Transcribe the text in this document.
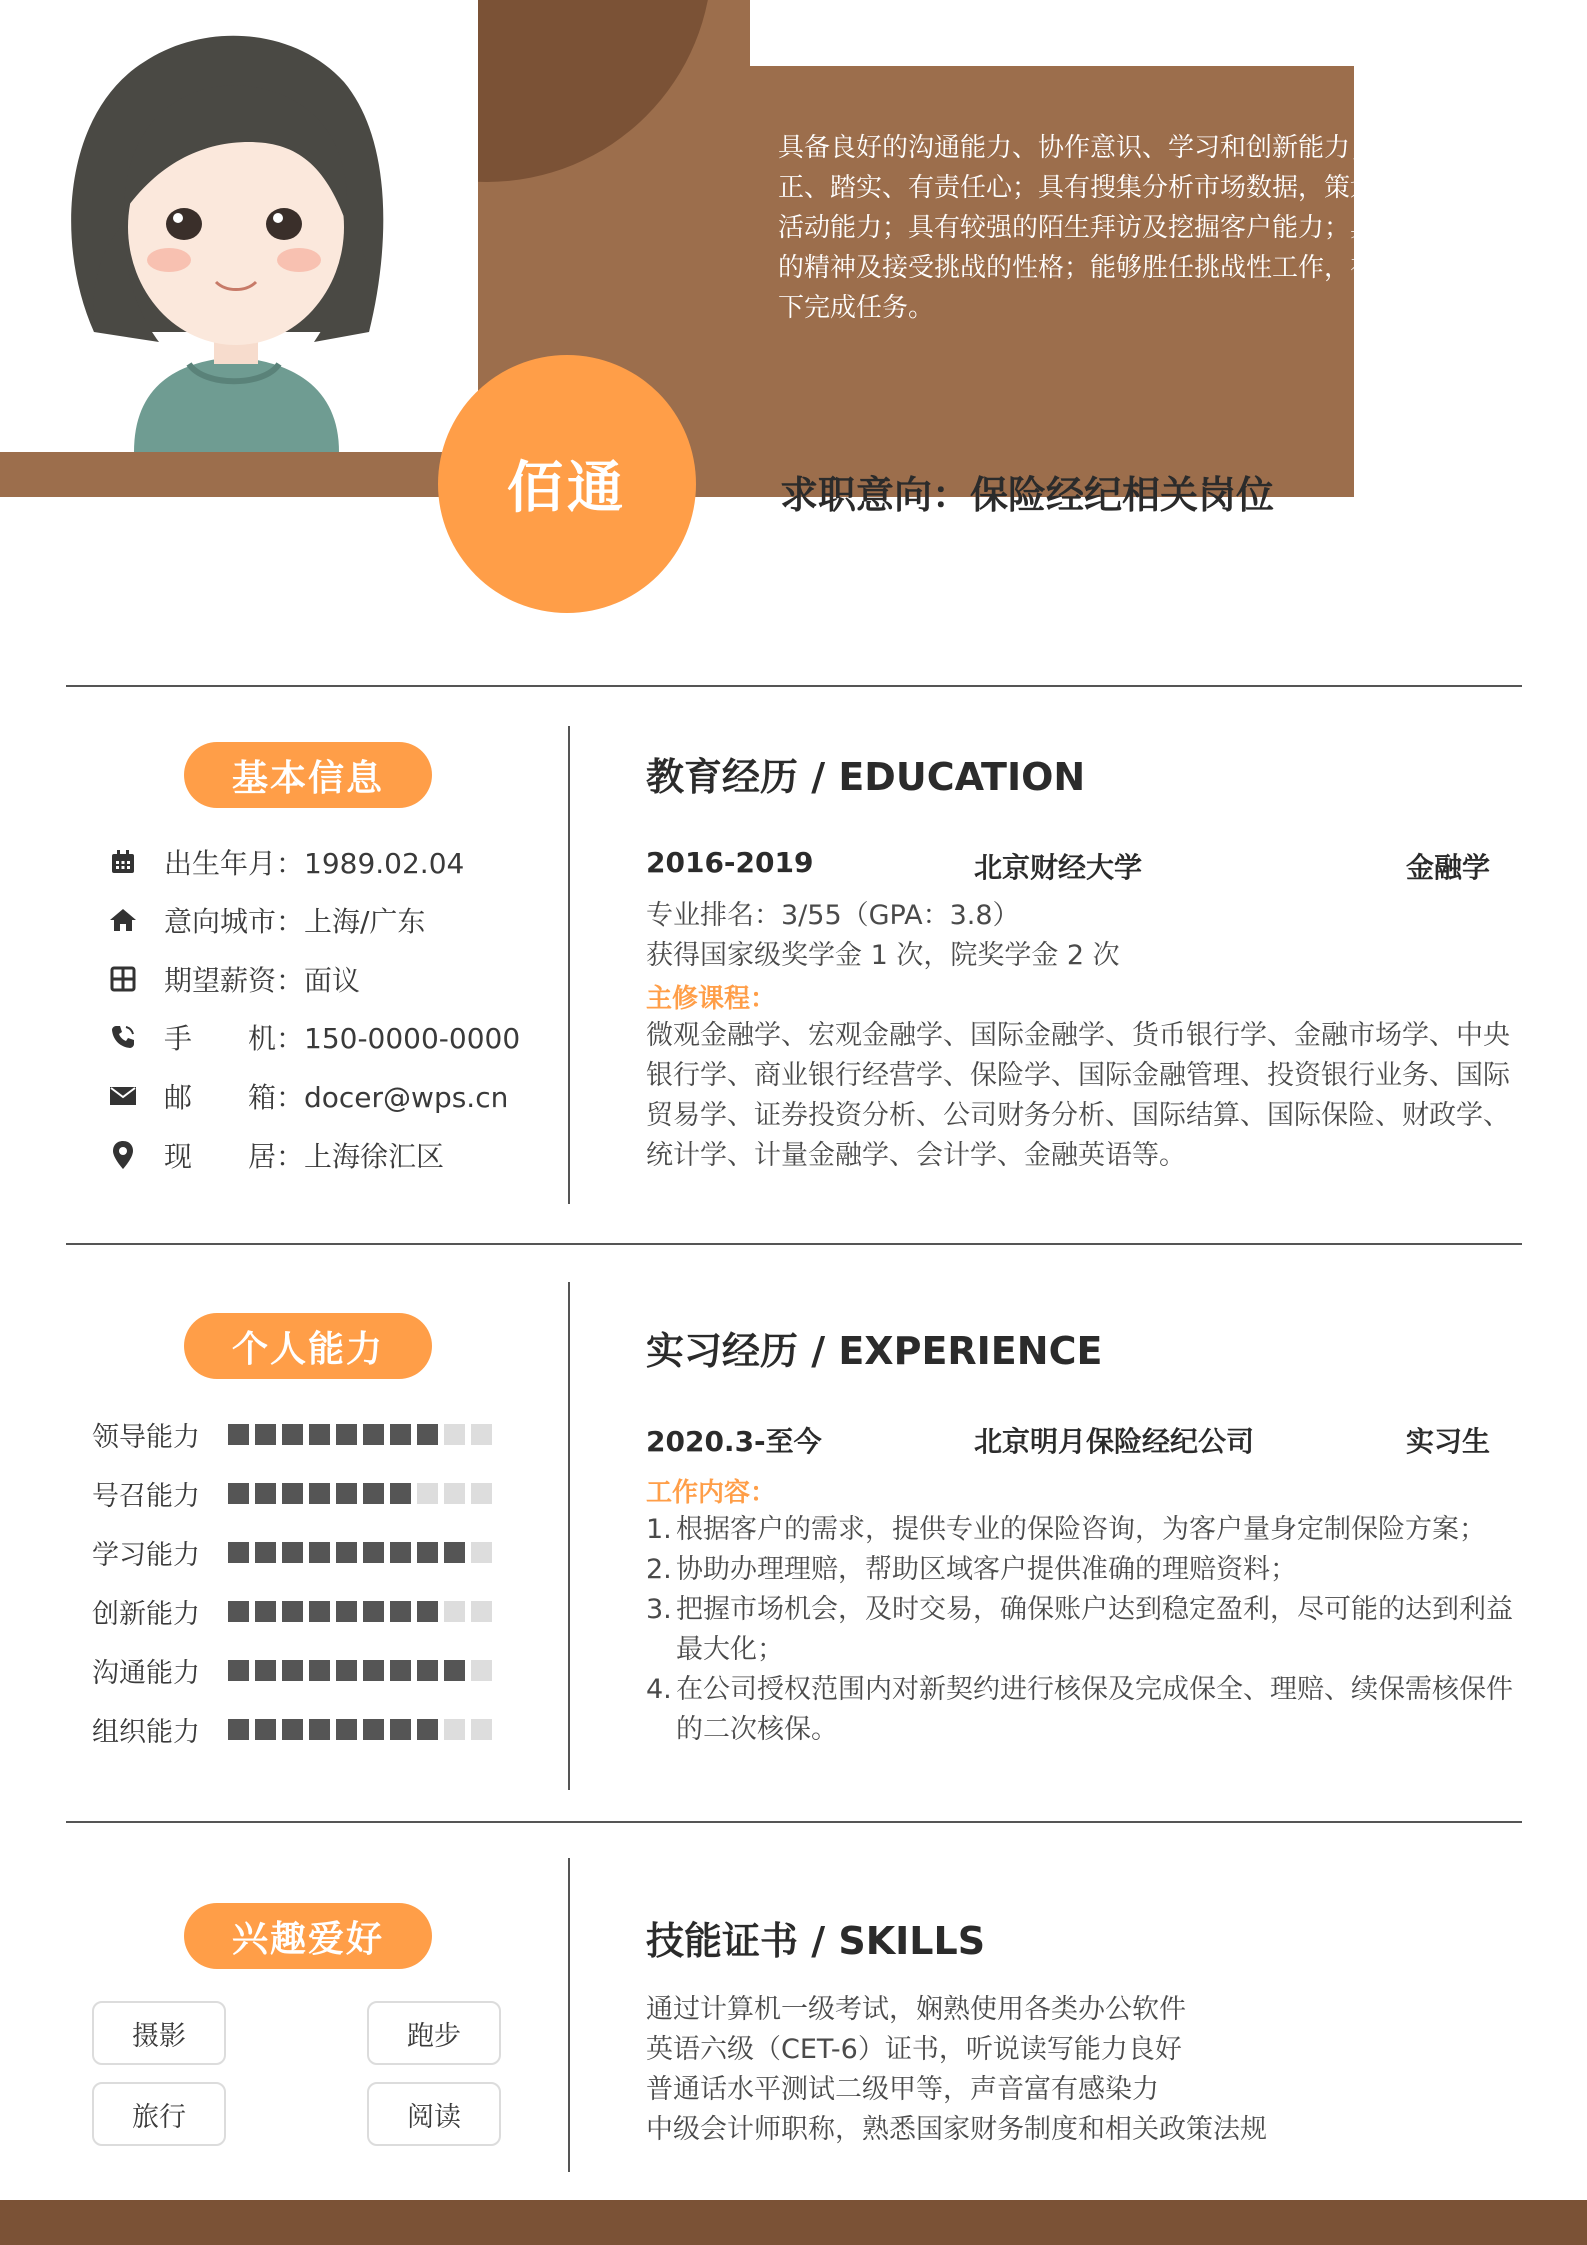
具备良好的沟通能力、协作意识、学习和创新能力；工作
正、踏实、有责任心；具有搜集分析市场数据，策划及组织
活动能力；具有较强的陌生拜访及挖掘客户能力；具有吃苦
的精神及接受挑战的性格；能够胜任挑战性工作，在压力
下完成任务。
佰通	求职意向：保险经纪相关岗位
基本信息
出生年月：1989.02.04
意向城市：上海/广东
期望薪资：面议
手　　机：150-0000-0000
邮　　箱：docer@wps.cn
现　　居：上海徐汇区
个人能力
领导能力
号召能力
学习能力
创新能力
沟通能力
组织能力
兴趣爱好
摄影	跑步
旅行	阅读
教育经历 / EDUCATION
2016-2019	北京财经大学	金融学
专业排名：3/55（GPA：3.8）
获得国家级奖学金 1 次，院奖学金 2 次
主修课程：
微观金融学、宏观金融学、国际金融学、货币银行学、金融市场学、中央
银行学、商业银行经营学、保险学、国际金融管理、投资银行业务、国际
贸易学、证券投资分析、公司财务分析、国际结算、国际保险、财政学、
统计学、计量金融学、会计学、金融英语等。
实习经历 / EXPERIENCE
2020.3-至今	北京明月保险经纪公司	实习生
工作内容：
1. 根据客户的需求，提供专业的保险咨询，为客户量身定制保险方案；
2. 协助办理理赔，帮助区域客户提供准确的理赔资料；
3. 把握市场机会，及时交易，确保账户达到稳定盈利，尽可能的达到利益
最大化；
4. 在公司授权范围内对新契约进行核保及完成保全、理赔、续保需核保件
的二次核保。
技能证书 / SKILLS
通过计算机一级考试，娴熟使用各类办公软件
英语六级（CET-6）证书，听说读写能力良好
普通话水平测试二级甲等，声音富有感染力
中级会计师职称，熟悉国家财务制度和相关政策法规
